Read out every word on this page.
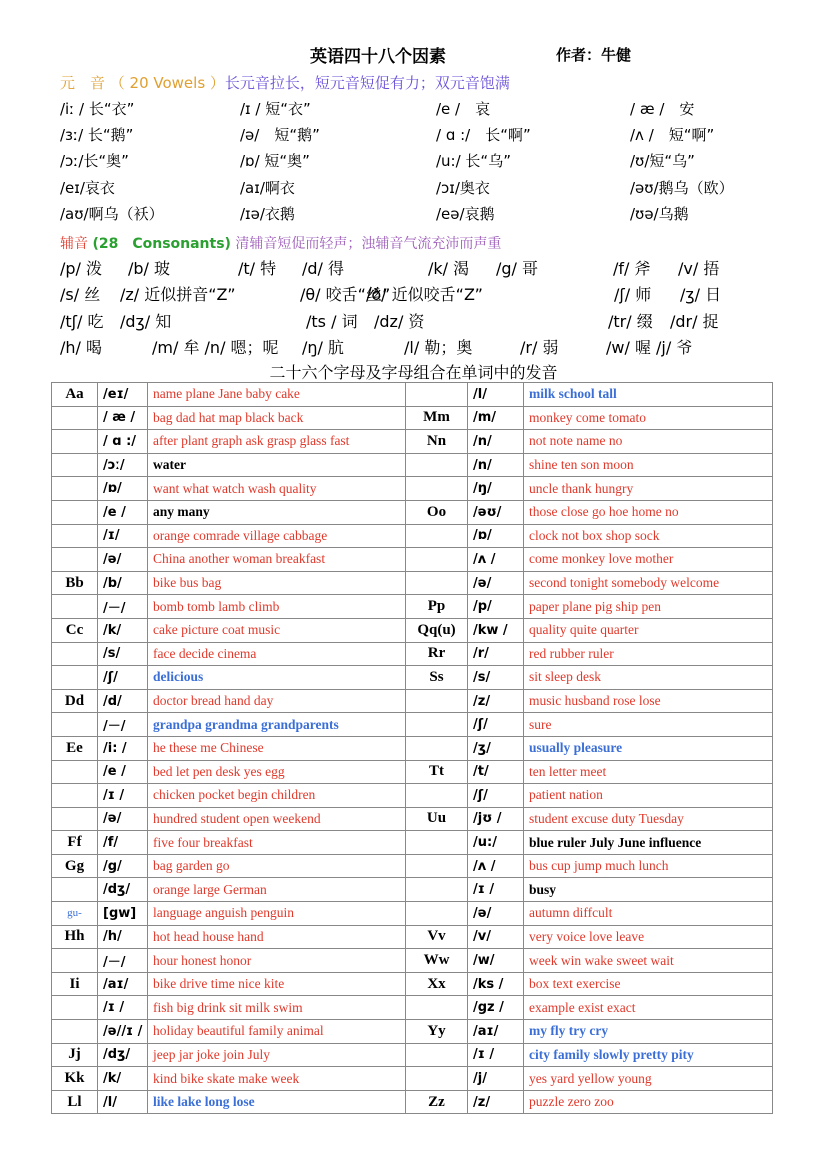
英语四十八个因素	作者：牛健
元　音 （ 20 Vowels ）长元音拉长，短元音短促有力；双元音饱满
/iː / 长“衣”	/ɪ / 短“衣”	/e /　哀	/ æ /　安
/ɜː/ 长“鹅”	/ə/　短“鹅”	/ ɑ :/　长“啊”	/ʌ /　短“啊”
/ɔː/长“奥”	/ɒ/ 短“奥”	/u:/ 长“乌”	/ʊ/短“乌”
/eɪ/哀衣	/aɪ/啊衣	/ɔɪ/奥衣	/əʊ/鹅乌（欧）
/aʊ/啊乌（袄）	/ɪə/衣鹅	/eə/哀鹅	/ʊə/乌鹅
辅音 (28　Consonants) 清辅音短促而轻声；浊辅音气流充沛而声重
/p/ 泼 /b/ 玻	/t/ 特 /d/ 得	/k/ 渴 /g/ 哥	/f/ 斧 /v/ 捂
/s/ 丝 /z/ 近似拼音“Z”	/θ/ 咬舌“丝”
/ð/ 近似咬舌“Z”	/ʃ/ 师 /ʒ/ 日
/tʃ/ 吃 /dʒ/ 知	/ts / 词 /dz/ 资	/tr/ 缀 /dr/ 捉
/h/ 喝	/m/ 牟 /n/ 嗯；呢 /ŋ/ 肮	/l/ 勒；奥	/r/ 弱	/w/ 喔 /j/ 爷
二十六个字母及字母组合在单词中的发音
Aa	/eɪ/	name plane Jane baby cake		/l/	milk school tall
	/ æ /	bag dad hat map black back	Mm	/m/	monkey come tomato
	/ ɑ :/	after plant graph ask grasp glass fast	Nn	/n/	not note name no
	/ɔː/	water		/n/	shine ten son moon
	/ɒ/	want what watch wash quality		/ŋ/	uncle thank hungry
	/e /	any many	Oo	/əʊ/	those close go hoe home no
	/ɪ/	orange comrade village cabbage		/ɒ/	clock not box shop sock
	/ə/	China another woman breakfast		/ʌ /	come monkey love mother
Bb	/b/	bike bus bag		/ə/	second tonight somebody welcome
	/－/	bomb tomb lamb climb	Pp	/p/	paper plane pig ship pen
Cc	/k/	cake picture coat music	Qq(u)	/kw /	quality quite quarter
	/s/	face decide cinema	Rr	/r/	red rubber ruler
	/ʃ/	delicious	Ss	/s/	sit sleep desk
Dd	/d/	doctor bread hand day		/z/	music husband rose lose
	/－/	grandpa grandma grandparents		/ʃ/	sure
Ee	/i: /	he these me Chinese		/ʒ/	usually pleasure
	/e /	bed let pen desk yes egg	Tt	/t/	ten letter meet
	/ɪ /	chicken pocket begin children		/ʃ/	patient nation
	/ə/	hundred student open weekend	Uu	/jʊ /	student excuse duty Tuesday
Ff	/f/	five four breakfast		/u:/	blue ruler July June influence
Gg	/g/	bag garden go		/ʌ /	bus cup jump much lunch
	/dʒ/	orange large German		/ɪ /	busy
gu-	[gw]	language anguish penguin		/ə/	autumn diffcult
Hh	/h/	hot head house hand	Vv	/v/	very voice love leave
	/－/	hour honest honor	Ww	/w/	week win wake sweet wait
Ii	/aɪ/	bike drive time nice kite	Xx	/ks /	box text exercise
	/ɪ /	fish big drink sit milk swim		/gz /	example exist exact
	/ə//ɪ /	holiday beautiful family animal	Yy	/aɪ/	my fly try cry
Jj	/dʒ/	jeep jar joke join July		/ɪ /	city family slowly pretty pity
Kk	/k/	kind bike skate make week		/j/	yes yard yellow young
Ll	/l/	like lake long lose	Zz	/z/	puzzle zero zoo
